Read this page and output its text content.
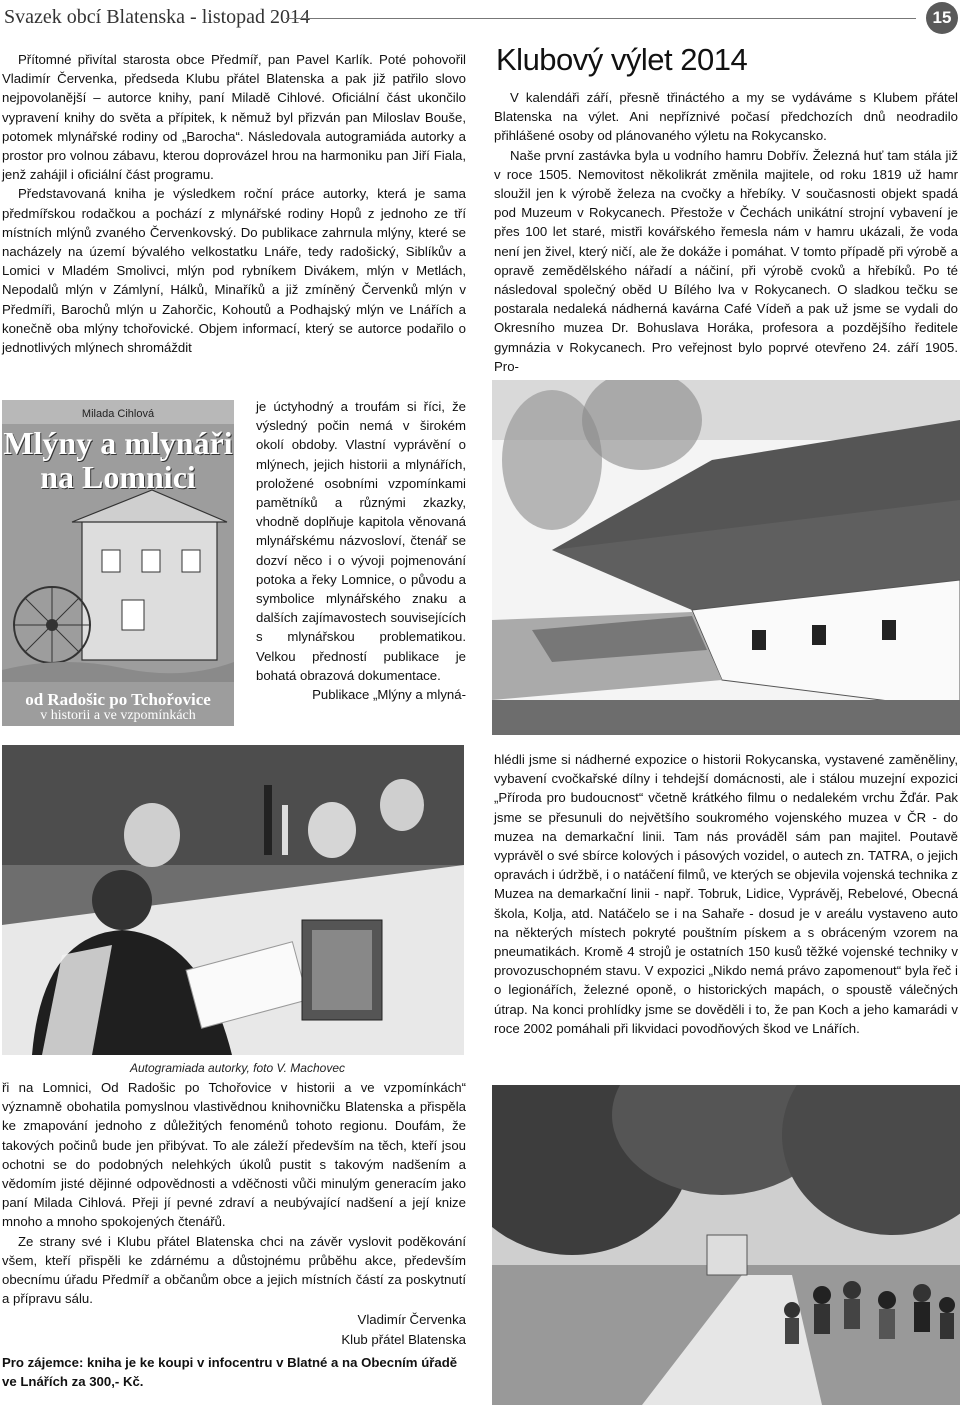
Svazek obcí Blatenska - listopad 2014	15

Přítomné přivítal starosta obce Předmíř, pan Pavel Karlík. Poté pohovořil Vladimír Červenka, předseda Klubu přátel Blatenska a pak již patřilo slovo nejpovolanější – autorce knihy, paní Miladě Cihlové. Oficiální část ukončilo vypravení knihy do světa a přípitek, k němuž byl přizván pan Miloslav Bouše, potomek mlynářské rodiny od „Barocha“. Následovala autogramiáda autorky a prostor pro volnou zábavu, kterou doprovázel hrou na harmoniku pan Jiří Fiala, jenž zahájil i oficiální část programu.

Představovaná kniha je výsledkem roční práce autorky, která je sama předmířskou rodačkou a pochází z mlynářské rodiny Hopů z jednoho ze tří místních mlýnů zvaného Červenkovský. Do publikace zahrnula mlýny, které se nacházely na území bývalého velkostatku Lnáře, tedy radošický, Siblíkův a Lomici v Mladém Smolivci, mlýn pod rybníkem Divákem, mlýn v Metlách, Nepodalů mlýn v Zámlyní, Hálků, Minaříků a již zmíněný Červenků mlýn v Předmíři, Barochů mlýn u Zahorčic, Kohoutů a Podhajský mlýn ve Lnářích a konečně oba mlýny tchořovické. Objem informací, který se autorce podařilo o jednotlivých mlýnech shromáždit

Milada Cihlová
Mlýny a mlynáři
na Lomnici
od Radošic po Tchořovice
v historii a ve vzpomínkách

je úctyhodný a troufám si říci, že výsledný počin nemá v širokém okolí obdoby. Vlastní vyprávění o mlýnech, jejich historii a mlynářích, proložené osobními vzpomínkami pamětníků a různými zkazky, vhodně doplňuje kapitola věnovaná mlynářskému názvosloví, čtenář se dozví něco i o vývoji pojmenování potoka a řeky Lomnice, o původu a symbolice mlynářského znaku a dalších zajímavostech souvisejících s mlynářskou problematikou. Velkou předností publikace je bohatá obrazová dokumentace.

Publikace „Mlýny a mlyná-

Autogramiada autorky, foto V. Machovec

ři na Lomnici, Od Radošic po Tchořovice v historii a ve vzpomínkách“ významně obohatila pomyslnou vlastivědnou knihovničku Blatenska a přispěla ke zmapování jednoho z důležitých fenoménů tohoto regionu. Doufám, že takových počinů bude jen přibývat. To ale záleží především na těch, kteří jsou ochotni se do podobných nelehkých úkolů pustit s takovým nadšením a vědomím jisté dějinné odpovědnosti a vděčnosti vůči minulým generacím jako paní Milada Cihlová. Přeji jí pevné zdraví a neubývající nadšení a její knize mnoho a mnoho spokojených čtenářů.

Ze strany své i Klubu přátel Blatenska chci na závěr vyslovit poděkování všem, kteří přispěli ke zdárnému a důstojnému průběhu akce, především obecnímu úřadu Předmíř a občanům obce a jejich místních částí za poskytnutí a přípravu sálu.

Vladimír Červenka

Klub přátel Blatenska

Pro zájemce: kniha je ke koupi v infocentru v Blatné a na Obecním úřadě ve Lnářích za 300,- Kč.

Klubový výlet 2014

V kalendáři září, přesně třináctého a my se vydáváme s Klubem přátel Blatenska na výlet. Ani nepříznivé počasí předchozích dnů neodradilo přihlášené osoby od plánovaného výletu na Rokycansko.

Naše první zastávka byla u vodního hamru Dobřív. Železná huť tam stála již v roce 1505. Nemovitost několikrát změnila majitele, od roku 1819 už hamr sloužil jen k výrobě železa na cvočky a hřebíky. V současnosti objekt spadá pod Muzeum v Rokycanech. Přestože v Čechách unikátní strojní vybavení je přes 100 let staré, mistři kovářského řemesla nám v hamru ukázali, že voda není jen živel, který ničí, ale že dokáže i pomáhat. V tomto případě při výrobě a opravě zemědělského nářadí a náčiní, při výrobě cvoků a hřebíků. Po té následoval společný oběd U Bílého lva v Rokycanech. O sladkou tečku se postarala nedaleká nádherná kavárna Café Vídeň a pak už jsme se vydali do Okresního muzea Dr. Bohuslava Horáka, profesora a pozdějšího ředitele gymnázia v Rokycanech. Pro veřejnost bylo poprvé otevřeno 24. září 1905. Pro-

hlédli jsme si nádherné expozice o historii Rokycanska, vystavené zaměněliny, vybavení cvočkařské dílny i tehdejší domácnosti, ale i stálou muzejní expozici „Příroda pro budoucnost“ včetně krátkého filmu o nedalekém vrchu Žďár. Pak jsme se přesunuli do největšího soukromého vojenského muzea v ČR - do muzea na demarkační linii. Tam nás prováděl sám pan majitel. Poutavě vyprávěl o své sbírce kolových i pásových vozidel, o autech zn. TATRA, o jejich opravách i údržbě, i o natáčení filmů, ve kterých se objevila vojenská technika z Muzea na demarkační linii - např. Tobruk, Lidice, Vyprávěj, Rebelové, Obecná škola, Kolja, atd. Natáčelo se i na Sahaře - dosud je v areálu vystaveno auto na některých místech pokryté pouštním pískem a s obráceným vzorem na pneumatikách. Kromě 4 strojů je ostatních 150 kusů těžké vojenské techniky v provozuschopném stavu. V expozici „Nikdo nemá právo zapomenout“ byla řeč i o legionářích, železné oponě, o historických mapách, o spoustě válečných útrap. Na konci prohlídky jsme se dověděli i to, že pan Koch a jeho kamarádi v roce 2002 pomáhali při likvidaci povodňových škod ve Lnářích.
